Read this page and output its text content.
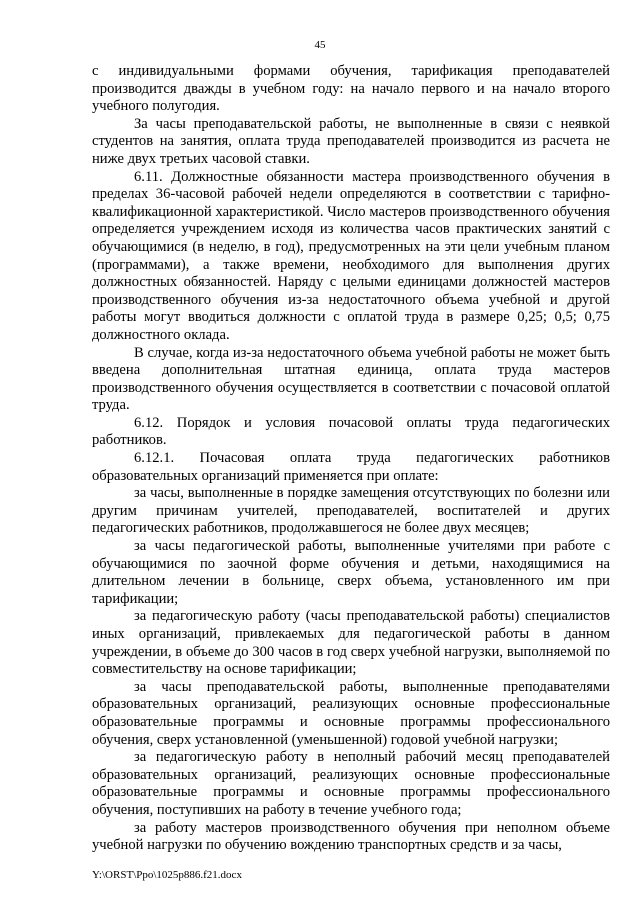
45

с индивидуальными формами обучения, тарификация преподавателей производится дважды в учебном году: на начало первого и на начало второго учебного полугодия.

За часы преподавательской работы, не выполненные в связи с неявкой студентов на занятия, оплата труда преподавателей производится из расчета не ниже двух третьих часовой ставки.

6.11. Должностные обязанности мастера производственного обучения в пределах 36-часовой рабочей недели определяются в соответствии с тарифно-квалификационной характеристикой. Число мастеров производственного обучения определяется учреждением исходя из количества часов практических занятий с обучающимися (в неделю, в год), предусмотренных на эти цели учебным планом (программами), а также времени, необходимого для выполнения других должностных обязанностей. Наряду с целыми единицами должностей мастеров производственного обучения из-за недостаточного объема учебной и другой работы могут вводиться должности с оплатой труда в размере 0,25; 0,5; 0,75 должностного оклада.

В случае, когда из-за недостаточного объема учебной работы не может быть введена дополнительная штатная единица, оплата труда мастеров производственного обучения осуществляется в соответствии с почасовой оплатой труда.

6.12. Порядок и условия почасовой оплаты труда педагогических работников.

6.12.1. Почасовая оплата труда педагогических работников образовательных организаций применяется при оплате:

за часы, выполненные в порядке замещения отсутствующих по болезни или другим причинам учителей, преподавателей, воспитателей и других педагогических работников, продолжавшегося не более двух месяцев;

за часы педагогической работы, выполненные учителями при работе с обучающимися по заочной форме обучения и детьми, находящимися на длительном лечении в больнице, сверх объема, установленного им при тарификации;

за педагогическую работу (часы преподавательской работы) специалистов иных организаций, привлекаемых для педагогической работы в данном учреждении, в объеме до 300 часов в год сверх учебной нагрузки, выполняемой по совместительству на основе тарификации;

за часы преподавательской работы, выполненные преподавателями образовательных организаций, реализующих основные профессиональные образовательные программы и основные программы профессионального обучения, сверх установленной (уменьшенной) годовой учебной нагрузки;

за педагогическую работу в неполный рабочий месяц преподавателей образовательных организаций, реализующих основные профессиональные образовательные программы и основные программы профессионального обучения, поступивших на работу в течение учебного года;

за работу мастеров производственного обучения при неполном объеме учебной нагрузки по обучению вождению транспортных средств и за часы,

Y:\ORST\Ppo\1025p886.f21.docx
